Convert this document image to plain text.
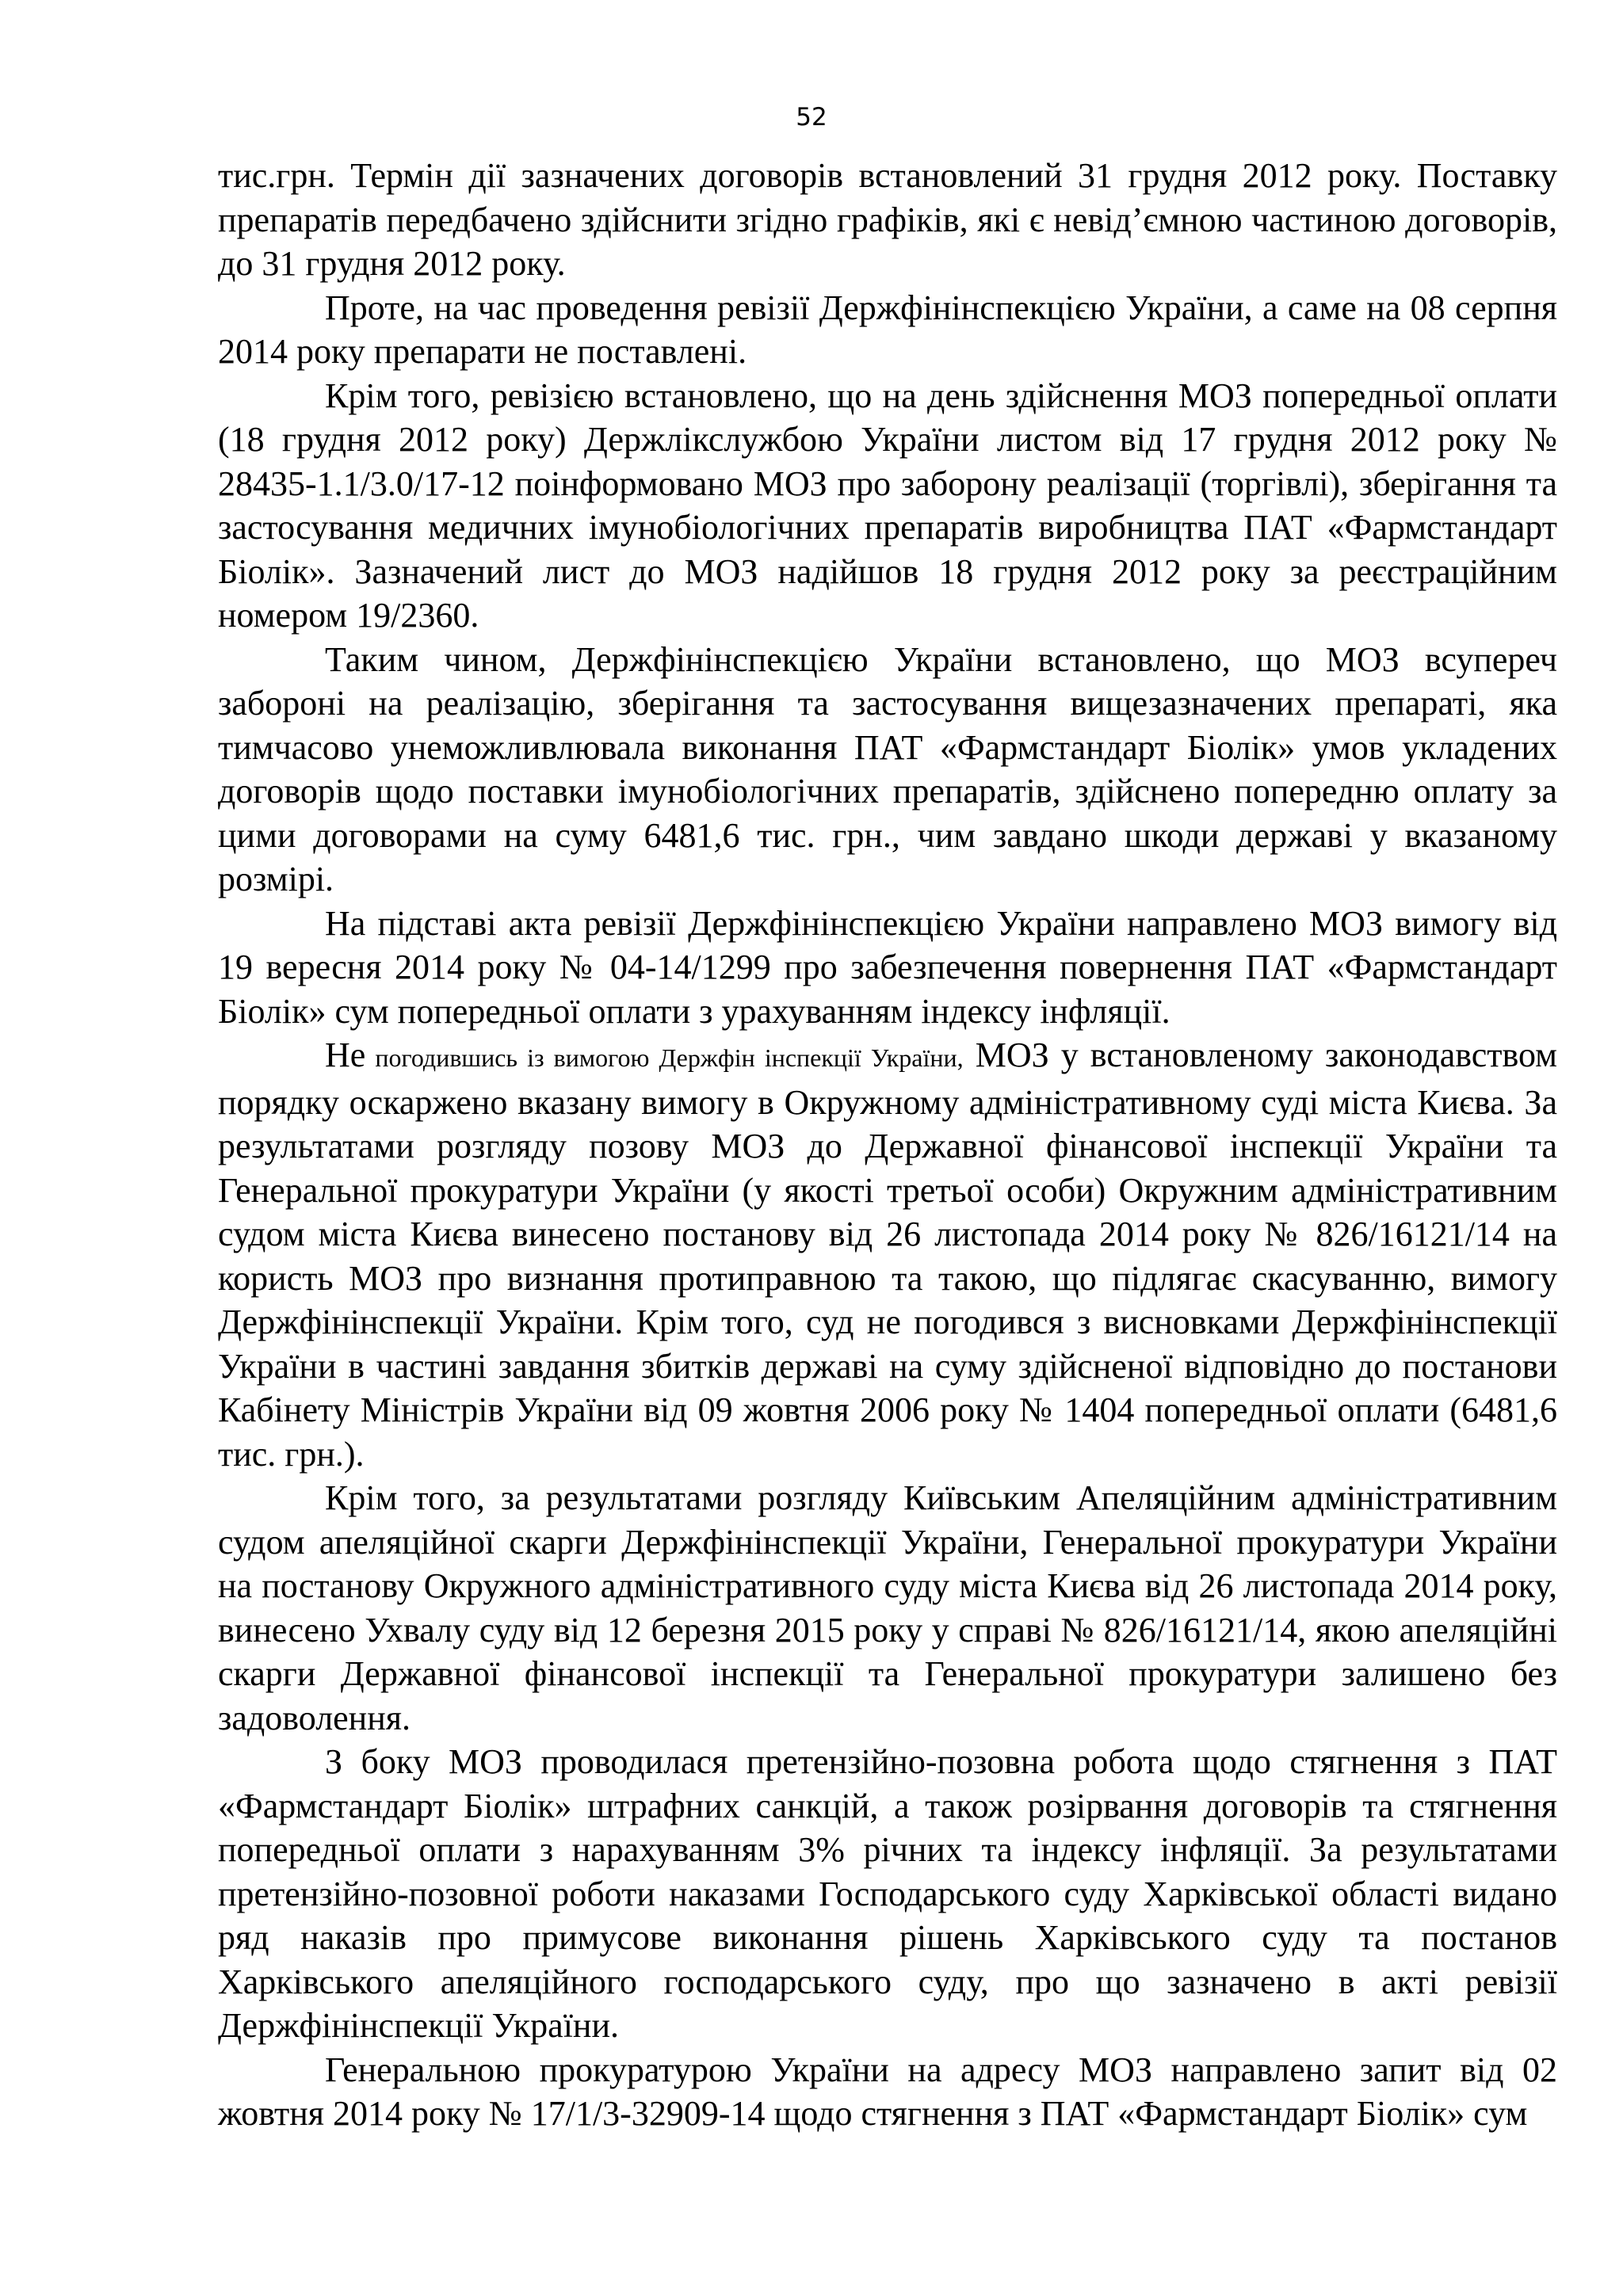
52

тис.грн. Термін дії зазначених договорів встановлений 31 грудня 2012 року. Поставку препаратів передбачено здійснити згідно графіків, які є невід’ємною частиною договорів, до 31 грудня 2012 року.

Проте, на час проведення ревізії Держфінінспекцією України, а саме на 08 серпня 2014 року препарати не поставлені.

Крім того, ревізією встановлено, що на день здійснення МОЗ попередньої оплати (18 грудня 2012 року) Держлікслужбою України листом від 17 грудня 2012 року № 28435-1.1/3.0/17-12 поінформовано МОЗ про заборону реалізації (торгівлі), зберігання та застосування медичних імунобіологічних препаратів виробництва ПАТ «Фармстандарт Біолік». Зазначений лист до МОЗ надійшов 18 грудня 2012 року за реєстраційним номером 19/2360.

Таким чином, Держфінінспекцією України встановлено, що МОЗ всупереч забороні на реалізацію, зберігання та застосування вищезазначених препараті, яка тимчасово унеможливлювала виконання ПАТ «Фармстандарт Біолік» умов укладених договорів щодо поставки імунобіологічних препаратів, здійснено попередню оплату за цими договорами на суму 6481,6 тис. грн., чим завдано шкоди державі у вказаному розмірі.

На підставі акта ревізії Держфінінспекцією України направлено МОЗ вимогу від 19 вересня 2014 року № 04-14/1299 про забезпечення повернення ПАТ «Фармстандарт Біолік» сум попередньої оплати з урахуванням індексу інфляції.

Не погодившись із вимогою Держфін інспекції України, МОЗ у встановленому законодавством порядку оскаржено вказану вимогу в Окружному адміністративному суді міста Києва. За результатами розгляду позову МОЗ до Державної фінансової інспекції України та Генеральної прокуратури України (у якості третьої особи) Окружним адміністративним судом міста Києва винесено постанову від 26 листопада 2014 року № 826/16121/14 на користь МОЗ про визнання протиправною та такою, що підлягає скасуванню, вимогу Держфінінспекції України. Крім того, суд не погодився з висновками Держфінінспекції України в частині завдання збитків державі на суму здійсненої відповідно до постанови Кабінету Міністрів України від 09 жовтня 2006 року № 1404 попередньої оплати (6481,6 тис. грн.).

Крім того, за результатами розгляду Київським Апеляційним адміністративним судом апеляційної скарги Держфінінспекції України, Генеральної прокуратури України на постанову Окружного адміністративного суду міста Києва від 26 листопада 2014 року, винесено Ухвалу суду від 12 березня 2015 року у справі № 826/16121/14, якою апеляційні скарги Державної фінансової інспекції та Генеральної прокуратури залишено без задоволення.

З боку МОЗ проводилася претензійно-позовна робота щодо стягнення з ПАТ «Фармстандарт Біолік» штрафних санкцій, а також розірвання договорів та стягнення попередньої оплати з нарахуванням 3% річних та індексу інфляції. За результатами претензійно-позовної роботи наказами Господарського суду Харківської області видано ряд наказів про примусове виконання рішень Харківського суду та постанов Харківського апеляційного господарського суду, про що зазначено в акті ревізії Держфінінспекції України.

Генеральною прокуратурою України на адресу МОЗ направлено запит від 02 жовтня 2014 року № 17/1/3-32909-14 щодо стягнення з ПАТ «Фармстандарт Біолік» сум
